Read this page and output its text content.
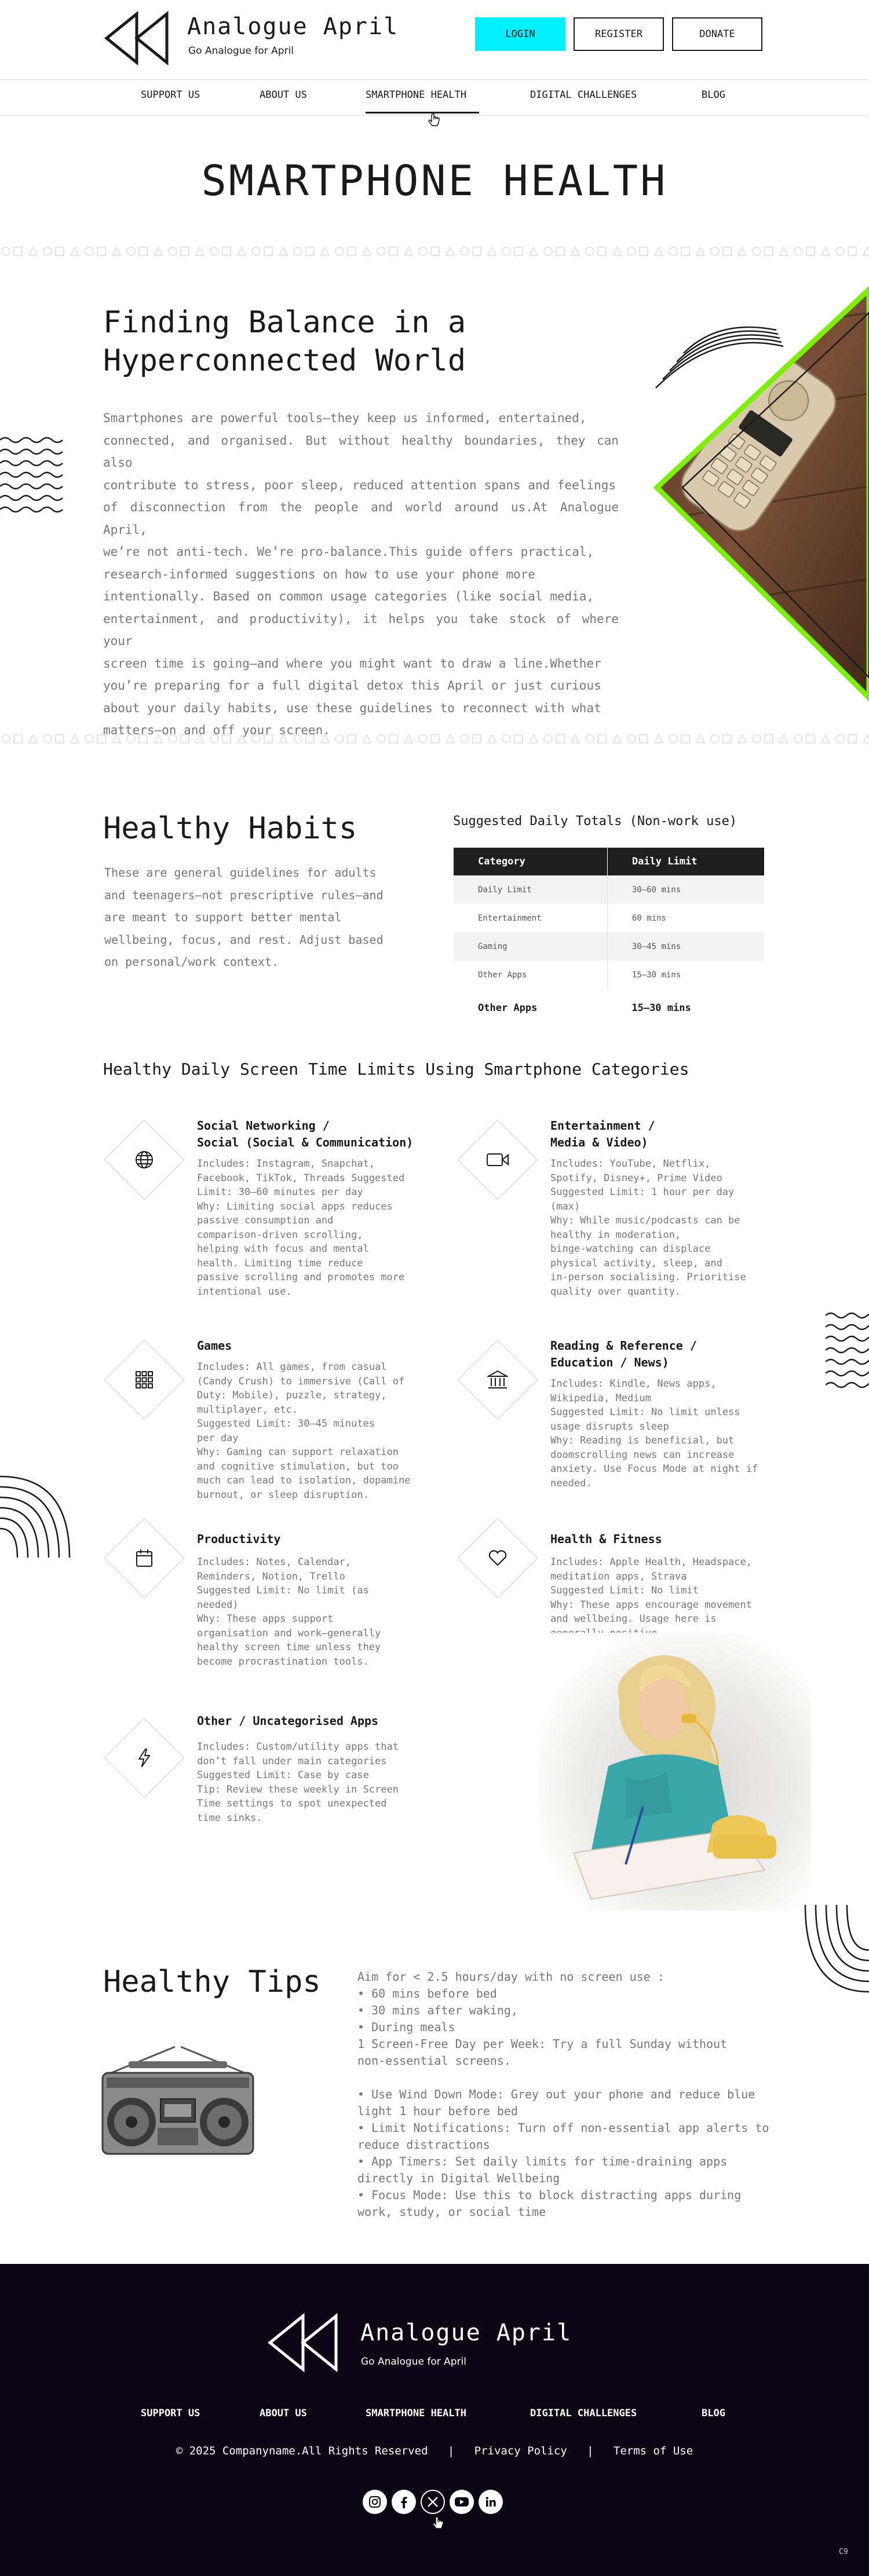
Analogue April
Go Analogue for April
LOGIN	REGISTER	DONATE
SUPPORT US	ABOUT US	SMARTPHONE HEALTH	DIGITAL CHALLENGES	BLOG
SMARTPHONE HEALTH
Finding Balance in a
Hyperconnected World
Smartphones are powerful tools—they keep us informed, entertained,
connected, and organised. But without healthy boundaries, they can also
contribute to stress, poor sleep, reduced attention spans and feelings
of disconnection from the people and world around us.At Analogue April,
we’re not anti-tech. We’re pro-balance.This guide offers practical,
research-informed suggestions on how to use your phone more
intentionally. Based on common usage categories (like social media,
entertainment, and productivity), it helps you take stock of where your
screen time is going—and where you might want to draw a line.Whether
you’re preparing for a full digital detox this April or just curious
about your daily habits, use these guidelines to reconnect with what
matters—on and off your screen.
Healthy Habits
These are general guidelines for adults
and teenagers—not prescriptive rules—and
are meant to support better mental
wellbeing, focus, and rest. Adjust based
on personal/work context.
Suggested Daily Totals (Non-work use)
Category	Daily Limit
Daily Limit	30–60 mins
Entertainment	60 mins
Gaming	30–45 mins
Other Apps	15–30 mins
Other Apps	15–30 mins
Healthy Daily Screen Time Limits Using Smartphone Categories
Social Networking /
Social (Social & Communication)
Includes: Instagram, Snapchat,
Facebook, TikTok, Threads Suggested
Limit: 30–60 minutes per day
Why: Limiting social apps reduces
passive consumption and
comparison-driven scrolling,
helping with focus and mental
health. Limiting time reduce
passive scrolling and promotes more
intentional use.
Entertainment /
Media & Video)
Includes: YouTube, Netflix,
Spotify, Disney+, Prime Video
Suggested Limit: 1 hour per day
(max)
Why: While music/podcasts can be
healthy in moderation,
binge-watching can displace
physical activity, sleep, and
in-person socialising. Prioritise
quality over quantity.
Games
Includes: All games, from casual
(Candy Crush) to immersive (Call of
Duty: Mobile), puzzle, strategy,
multiplayer, etc.
Suggested Limit: 30–45 minutes
per day
Why: Gaming can support relaxation
and cognitive stimulation, but too
much can lead to isolation, dopamine
burnout, or sleep disruption.
Reading & Reference /
Education / News)
Includes: Kindle, News apps,
Wikipedia, Medium
Suggested Limit: No limit unless
usage disrupts sleep
Why: Reading is beneficial, but
doomscrolling news can increase
anxiety. Use Focus Mode at night if
needed.
Productivity
Includes: Notes, Calendar,
Reminders, Notion, Trello
Suggested Limit: No limit (as
needed)
Why: These apps support
organisation and work—generally
healthy screen time unless they
become procrastination tools.
Health & Fitness
Includes: Apple Health, Headspace,
meditation apps, Strava
Suggested Limit: No limit
Why: These apps encourage movement
and wellbeing. Usage here is
Other / Uncategorised Apps
Includes: Custom/utility apps that
don’t fall under main categories
Suggested Limit: Case by case
Tip: Review these weekly in Screen
Time settings to spot unexpected
time sinks.
Healthy Tips	Aim for < 2.5 hours/day with no screen use :
• 60 mins before bed
• 30 mins after waking,
• During meals
1 Screen-Free Day per Week: Try a full Sunday without
non-essential screens.
• Use Wind Down Mode: Grey out your phone and reduce blue
light 1 hour before bed
• Limit Notifications: Turn off non-essential app alerts to
reduce distractions
• App Timers: Set daily limits for time-draining apps
directly in Digital Wellbeing
• Focus Mode: Use this to block distracting apps during
work, study, or social time
Analogue April
Go Analogue for April
SUPPORT US	ABOUT US	SMARTPHONE HEALTH	DIGITAL CHALLENGES	BLOG
© 2025 Companyname.All Rights Reserved | Privacy Policy | Terms of Use
C9
